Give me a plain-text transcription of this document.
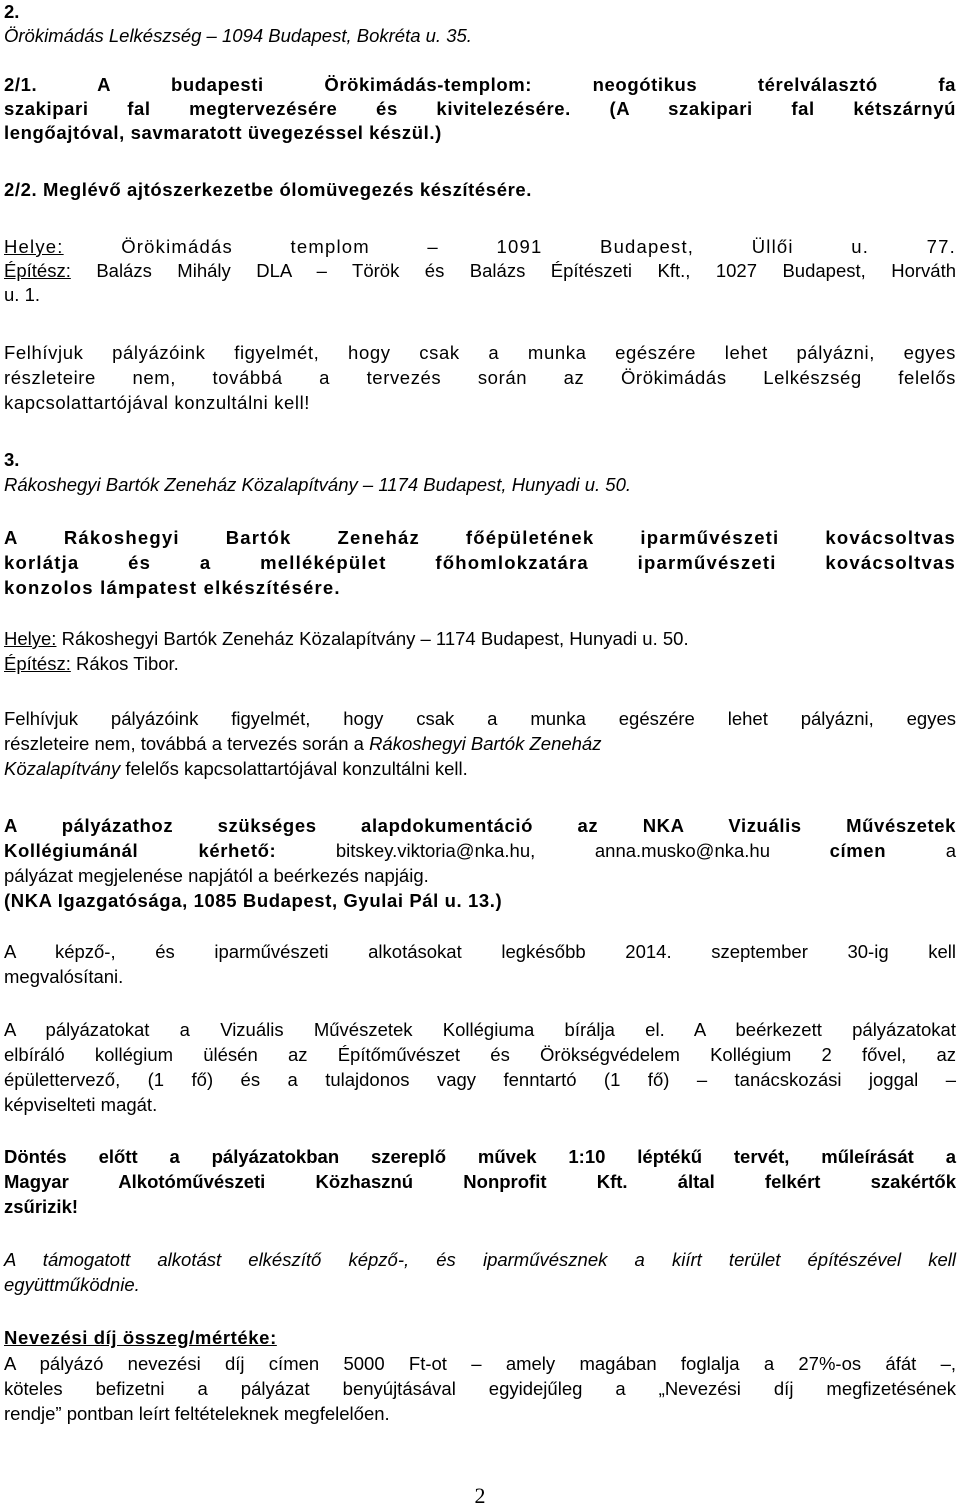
2.
Örökimádás Lelkészség – 1094 Budapest, Bokréta u. 35.
2/1. A budapesti Örökimádás-templom: neogótikus térelválasztó fa
szakipari fal megtervezésére és kivitelezésére. (A szakipari fal kétszárnyú
lengőajtóval, savmaratott üvegezéssel készül.)
2/2. Meglévő ajtószerkezetbe ólomüvegezés készítésére.
Helye:	Örökimádás templom – 1091 Budapest, Üllői u. 77.
Építész: Balázs Mihály DLA – Török és Balázs Építészeti Kft., 1027 Budapest, Horváth
u. 1.
Felhívjuk pályázóink figyelmét, hogy csak a munka egészére lehet pályázni, egyes
részleteire nem, továbbá a tervezés során az Örökimádás Lelkészség felelős
kapcsolattartójával konzultálni kell!
3.
Rákoshegyi Bartók Zeneház Közalapítvány – 1174 Budapest, Hunyadi u. 50.
A Rákoshegyi Bartók Zeneház főépületének iparművészeti kovácsoltvas
korlátja és a melléképület főhomlokzatára iparművészeti kovácsoltvas
konzolos lámpatest elkészítésére.
Helye: Rákoshegyi Bartók Zeneház Közalapítvány – 1174 Budapest, Hunyadi u. 50.
Építész: Rákos Tibor.
Felhívjuk pályázóink figyelmét, hogy csak a munka egészére lehet pályázni, egyes
részleteire nem, továbbá a tervezés során a Rákoshegyi Bartók Zeneház
Közalapítvány felelős kapcsolattartójával konzultálni kell.
A pályázathoz szükséges alapdokumentáció az NKA Vizuális Művészetek
Kollégiumánál kérhető: bitskey.viktoria@nka.hu, anna.musko@nka.hu címen a
pályázat megjelenése napjától a beérkezés napjáig.
(NKA Igazgatósága, 1085 Budapest, Gyulai Pál u. 13.)
A képző-, és iparművészeti alkotásokat legkésőbb 2014. szeptember 30-ig kell
megvalósítani.
A pályázatokat a Vizuális Művészetek Kollégiuma bírálja el. A beérkezett pályázatokat
elbíráló kollégium ülésén az Építőművészet és Örökségvédelem Kollégium 2 fővel, az
épülettervező, (1 fő) és a tulajdonos vagy fenntartó (1 fő) – tanácskozási joggal –
képviselteti magát.
Döntés előtt a pályázatokban szereplő művek 1:10 léptékű tervét, műleírását a
Magyar Alkotóművészeti Közhasznú Nonprofit Kft. által felkért szakértők
zsűrizik!
A támogatott alkotást elkészítő képző-, és iparművésznek a kiírt terület építészével kell
együttműködnie.
Nevezési díj összeg/mértéke:
A pályázó nevezési díj címen 5000 Ft-ot – amely magában foglalja a 27%-os áfát –,
köteles befizetni a pályázat benyújtásával egyidejűleg a „Nevezési díj megfizetésének
rendje” pontban leírt feltételeknek megfelelően.
2
